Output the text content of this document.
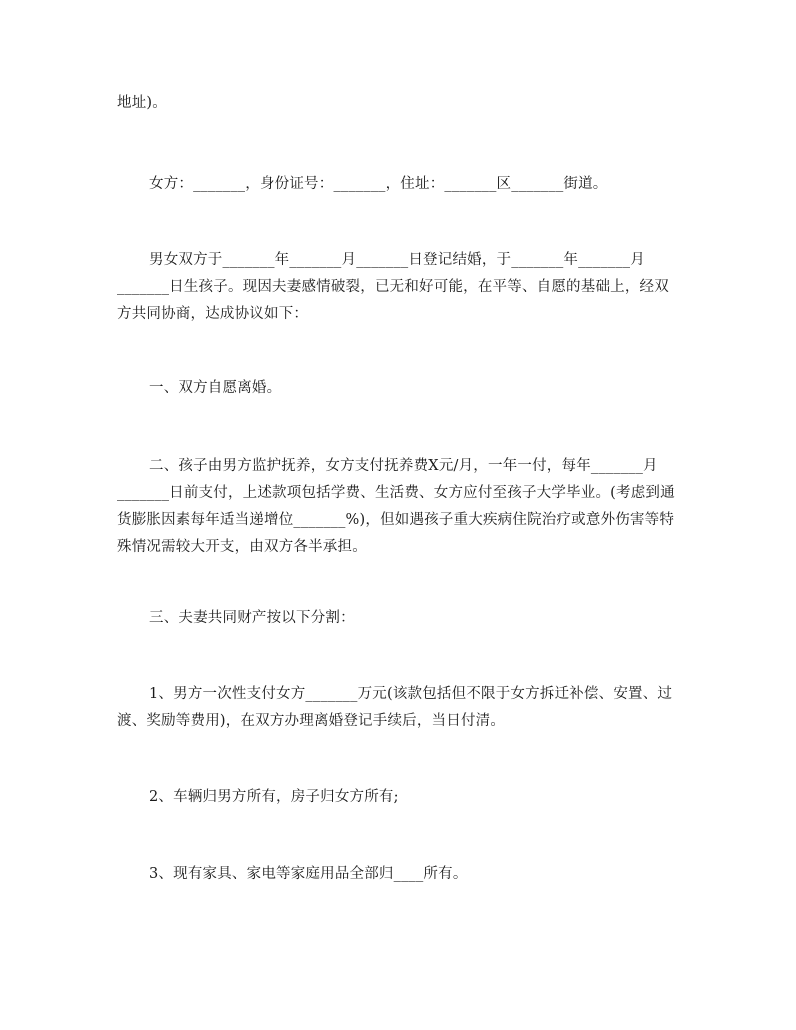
地址)。

女方：_______，身份证号：_______，住址：_______区_______街道。

男女双方于_______年_______月_______日登记结婚，于_______年_______月_______日生孩子。现因夫妻感情破裂，已无和好可能，在平等、自愿的基础上，经双方共同协商，达成协议如下：

一、双方自愿离婚。

二、孩子由男方监护抚养，女方支付抚养费X元/月，一年一付，每年_______月_______日前支付，上述款项包括学费、生活费、女方应付至孩子大学毕业。(考虑到通货膨胀因素每年适当递增位_______%)，但如遇孩子重大疾病住院治疗或意外伤害等特殊情况需较大开支，由双方各半承担。

三、夫妻共同财产按以下分割：

1、男方一次性支付女方_______万元(该款包括但不限于女方拆迁补偿、安置、过渡、奖励等费用)，在双方办理离婚登记手续后，当日付清。

2、车辆归男方所有，房子归女方所有;

3、现有家具、家电等家庭用品全部归____所有。
